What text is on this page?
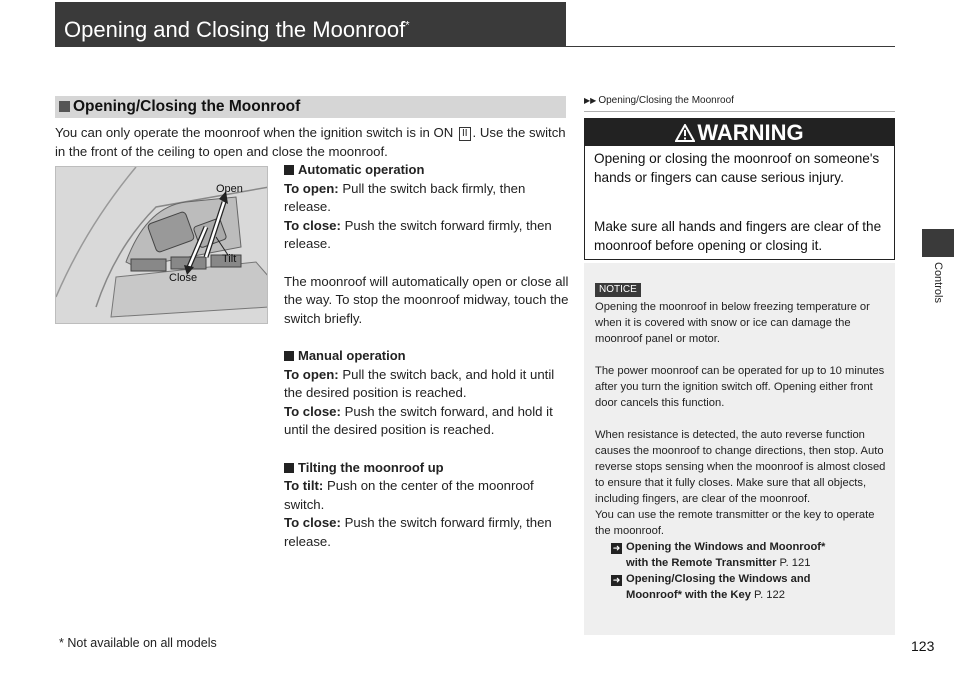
Opening and Closing the Moonroof*
Opening/Closing the Moonroof
You can only operate the moonroof when the ignition switch is in ON II . Use the switch in the front of the ceiling to open and close the moonroof.
Open
Tilt
Close
Automatic operation
To open: Pull the switch back firmly, then release.
To close: Push the switch forward firmly, then release.
The moonroof will automatically open or close all the way. To stop the moonroof midway, touch the switch briefly.
Manual operation
To open: Pull the switch back, and hold it until the desired position is reached.
To close: Push the switch forward, and hold it until the desired position is reached.
Tilting the moonroof up
To tilt: Push on the center of the moonroof switch.
To close: Push the switch forward firmly, then release.
▶▶ Opening/Closing the Moonroof
WARNING
Opening or closing the moonroof on someone's hands or fingers can cause serious injury.
Make sure all hands and fingers are clear of the moonroof before opening or closing it.
NOTICE
Opening the moonroof in below freezing temperature or when it is covered with snow or ice can damage the moonroof panel or motor.
The power moonroof can be operated for up to 10 minutes after you turn the ignition switch off. Opening either front door cancels this function.
When resistance is detected, the auto reverse function causes the moonroof to change directions, then stop. Auto reverse stops sensing when the moonroof is almost closed to ensure that it fully closes. Make sure that all objects, including fingers, are clear of the moonroof.
You can use the remote transmitter or the key to operate the moonroof.
➜ Opening the Windows and Moonroof*
with the Remote Transmitter P. 121
➜ Opening/Closing the Windows and
Moonroof* with the Key P. 122
Controls
* Not available on all models	123
